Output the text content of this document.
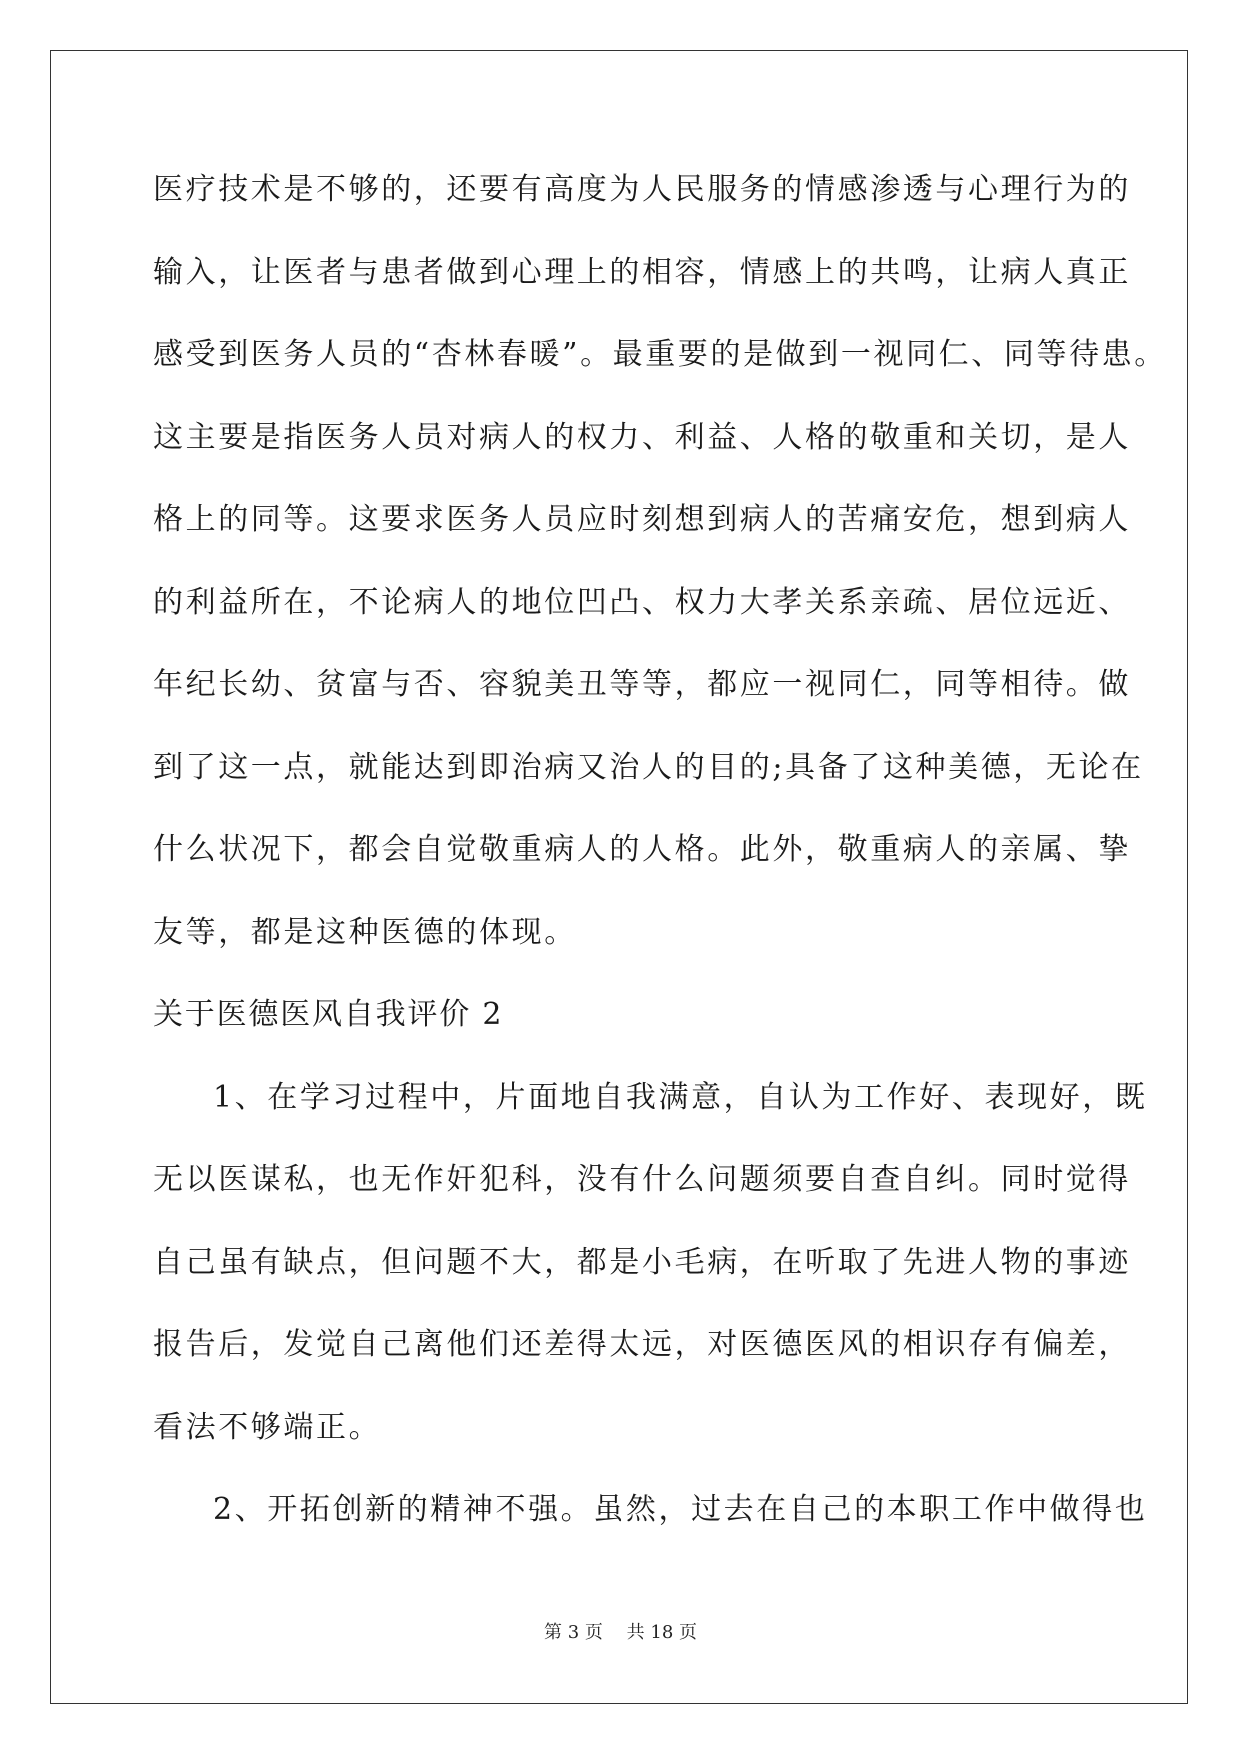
医疗技术是不够的，还要有高度为人民服务的情感渗透与心理行为的
输入，让医者与患者做到心理上的相容，情感上的共鸣，让病人真正
感受到医务人员的“杏林春暖”。最重要的是做到一视同仁、同等待患。
这主要是指医务人员对病人的权力、利益、人格的敬重和关切，是人
格上的同等。这要求医务人员应时刻想到病人的苦痛安危，想到病人
的利益所在，不论病人的地位凹凸、权力大孝关系亲疏、居位远近、
年纪长幼、贫富与否、容貌美丑等等，都应一视同仁，同等相待。做
到了这一点，就能达到即治病又治人的目的;具备了这种美德，无论在
什么状况下，都会自觉敬重病人的人格。此外，敬重病人的亲属、挚
友等，都是这种医德的体现。
关于医德医风自我评价 2
1、在学习过程中，片面地自我满意，自认为工作好、表现好，既
无以医谋私，也无作奸犯科，没有什么问题须要自查自纠。同时觉得
自己虽有缺点，但问题不大，都是小毛病，在听取了先进人物的事迹
报告后，发觉自己离他们还差得太远，对医德医风的相识存有偏差，
看法不够端正。
2、开拓创新的精神不强。虽然，过去在自己的本职工作中做得也
第 3 页 共 18 页
